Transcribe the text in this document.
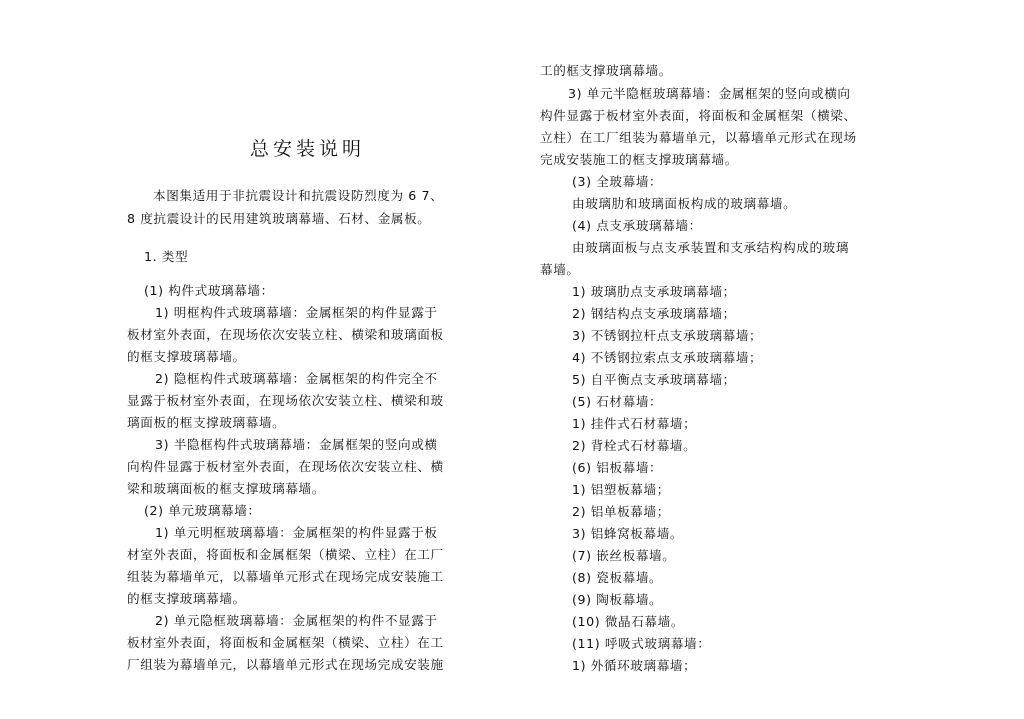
总安装说明
本图集适用于非抗震设计和抗震设防烈度为 6 7、
8 度抗震设计的民用建筑玻璃幕墙、石材、金属板。
1. 类型
(1) 构件式玻璃幕墙：
1) 明框构件式玻璃幕墙：金属框架的构件显露于
板材室外表面，在现场依次安装立柱、横梁和玻璃面板
的框支撑玻璃幕墙。
2) 隐框构件式玻璃幕墙：金属框架的构件完全不
显露于板材室外表面，在现场依次安装立柱、横梁和玻
璃面板的框支撑玻璃幕墙。
3) 半隐框构件式玻璃幕墙：金属框架的竖向或横
向构件显露于板材室外表面，在现场依次安装立柱、横
梁和玻璃面板的框支撑玻璃幕墙。
(2) 单元玻璃幕墙：
1) 单元明框玻璃幕墙：金属框架的构件显露于板
材室外表面，将面板和金属框架（横梁、立柱）在工厂
组装为幕墙单元，以幕墙单元形式在现场完成安装施工
的框支撑玻璃幕墙。
2) 单元隐框玻璃幕墙：金属框架的构件不显露于
板材室外表面，将面板和金属框架（横梁、立柱）在工
厂组装为幕墙单元，以幕墙单元形式在现场完成安装施
工的框支撑玻璃幕墙。
3) 单元半隐框玻璃幕墙：金属框架的竖向或横向
构件显露于板材室外表面，将面板和金属框架（横梁、
立柱）在工厂组装为幕墙单元，以幕墙单元形式在现场
完成安装施工的框支撑玻璃幕墙。
(3) 全玻幕墙：
由玻璃肋和玻璃面板构成的玻璃幕墙。
(4) 点支承玻璃幕墙：
由玻璃面板与点支承装置和支承结构构成的玻璃
幕墙。
1) 玻璃肋点支承玻璃幕墙；
2) 钢结构点支承玻璃幕墙；
3) 不锈钢拉杆点支承玻璃幕墙；
4) 不锈钢拉索点支承玻璃幕墙；
5) 自平衡点支承玻璃幕墙；
(5) 石材幕墙：
1) 挂件式石材幕墙；
2) 背栓式石材幕墙。
(6) 铝板幕墙：
1) 铝塑板幕墙；
2) 铝单板幕墙；
3) 铝蜂窝板幕墙。
(7) 嵌丝板幕墙。
(8) 瓷板幕墙。
(9) 陶板幕墙。
(10) 微晶石幕墙。
(11) 呼吸式玻璃幕墙：
1) 外循环玻璃幕墙；
